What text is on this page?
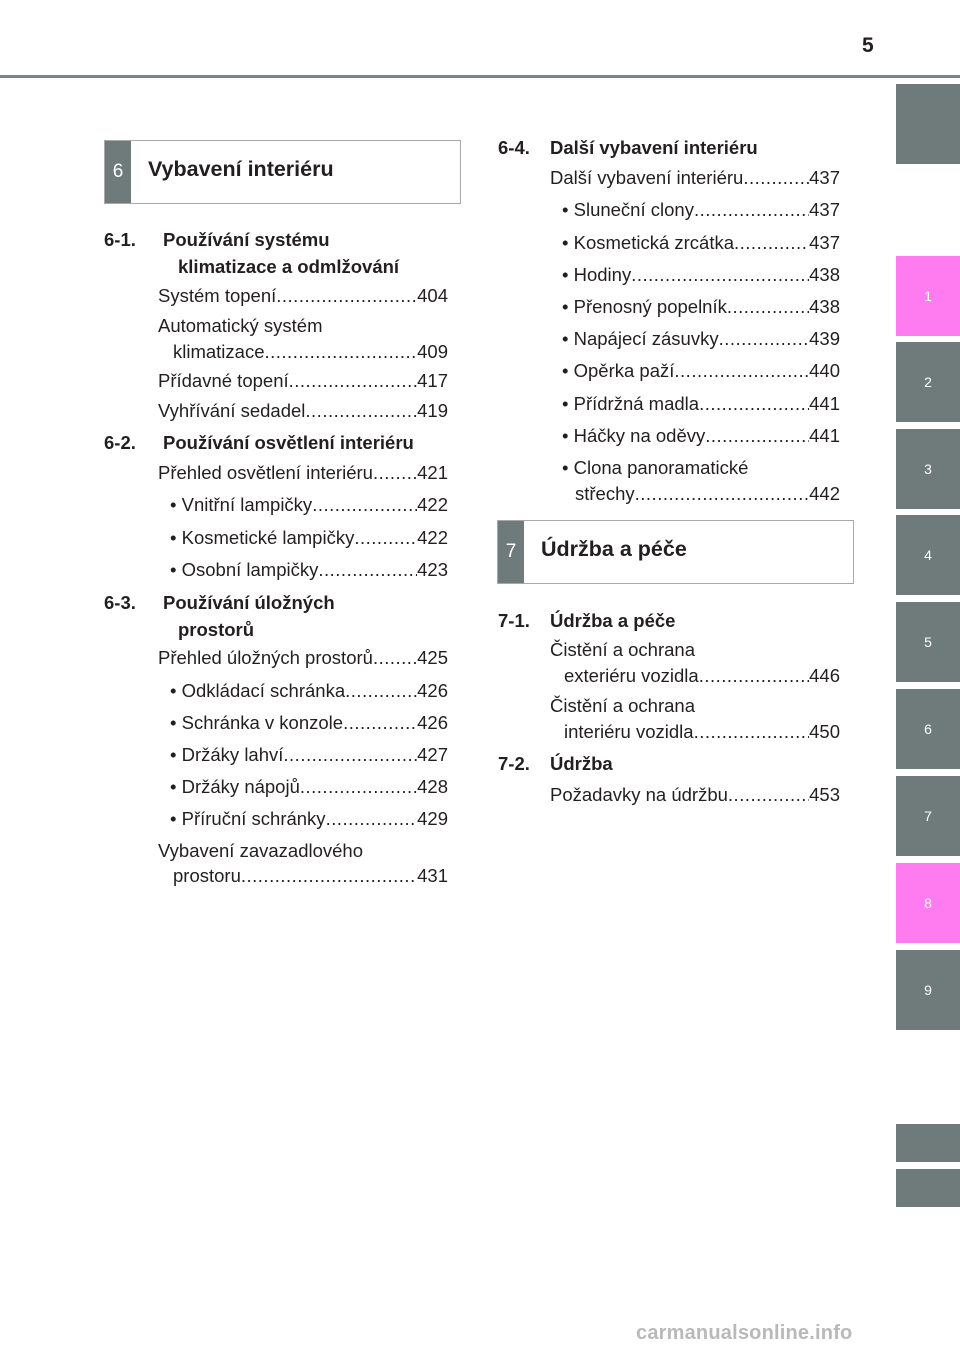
5
1
2
3
4
5
6
7
8
9
6	Vybavení interiéru
6-1. Používání systému
klimatizace a odmlžování
Systém topení .....	404
Automatický systém
klimatizace .....	409
Přídavné topení .....	417
Vyhřívání sedadel .....	419
6-2. Používání osvětlení interiéru
Přehled osvětlení interiéru ..... 421
• Vnitřní lampičky .....	422
• Kosmetické lampičky .....	422
• Osobní lampičky .....	423
6-3. Používání úložných
prostorů
Přehled úložných prostorů ..... 425
• Odkládací schránka .....	426
• Schránka v konzole .....	426
• Držáky lahví .....	427
• Držáky nápojů .....	428
• Příruční schránky .....	429
Vybavení zavazadlového
prostoru .....	431
6-4. Další vybavení interiéru
Další vybavení interiéru .....	437
• Sluneční clony .....	437
• Kosmetická zrcátka .....	437
• Hodiny .....	438
• Přenosný popelník .....	438
• Napájecí zásuvky .....	439
• Opěrka paží .....	440
• Přídržná madla .....	441
• Háčky na oděvy .....	441
• Clona panoramatické
střechy .....	442
7	Údržba a péče
7-1. Údržba a péče
Čistění a ochrana
exteriéru vozidla .....	446
Čistění a ochrana
interiéru vozidla .....	450
7-2. Údržba
Požadavky na údržbu .....	453
carmanualsonline.info
